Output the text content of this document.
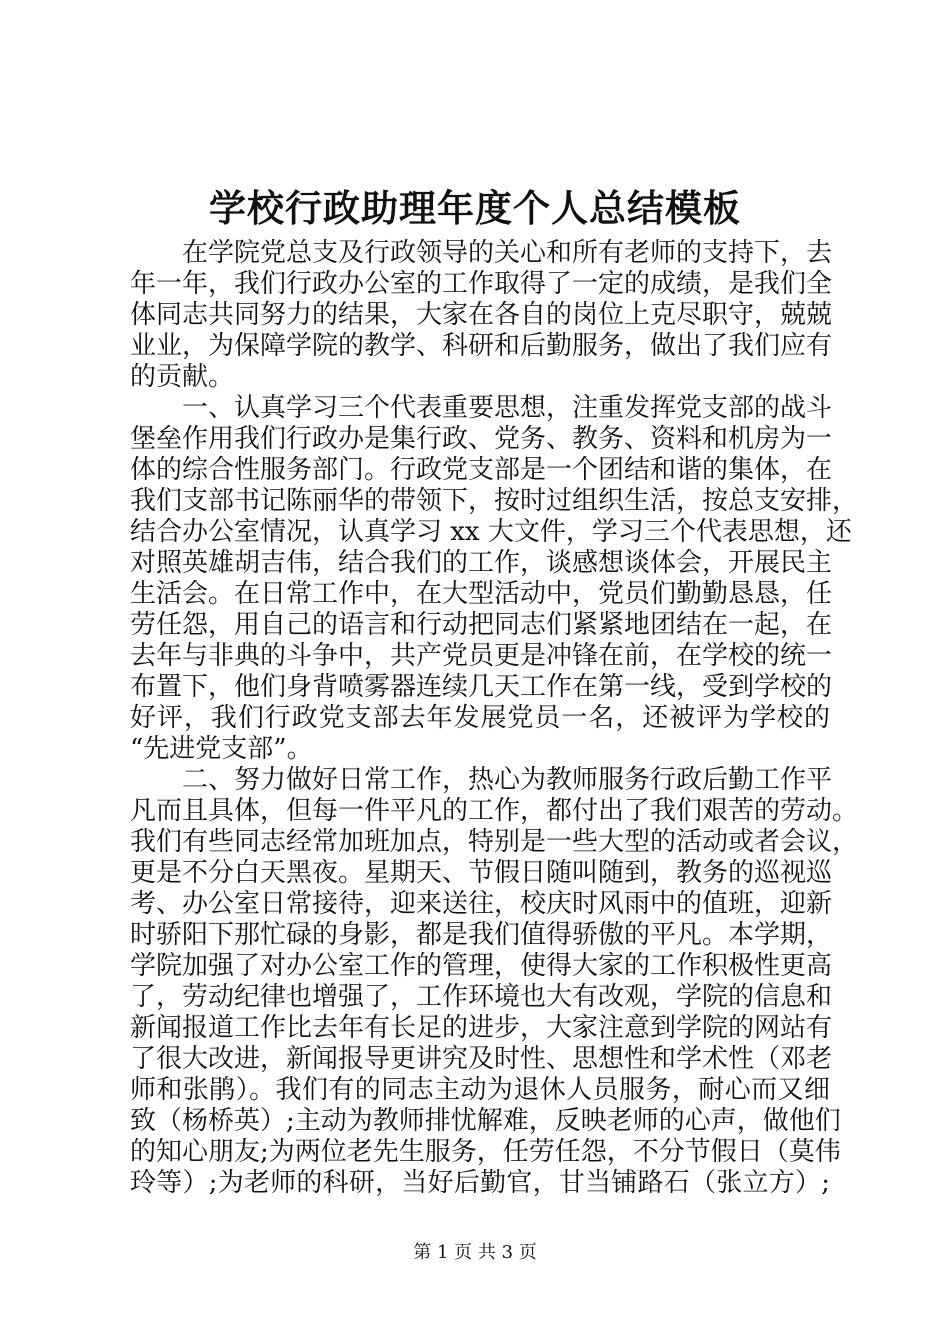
学校行政助理年度个人总结模板
在学院党总支及行政领导的关心和所有老师的支持下，去
年一年，我们行政办公室的工作取得了一定的成绩，是我们全
体同志共同努力的结果，大家在各自的岗位上克尽职守，兢兢
业业，为保障学院的教学、科研和后勤服务，做出了我们应有
的贡献。
一、认真学习三个代表重要思想，注重发挥党支部的战斗
堡垒作用我们行政办是集行政、党务、教务、资料和机房为一
体的综合性服务部门。行政党支部是一个团结和谐的集体，在
我们支部书记陈丽华的带领下，按时过组织生活，按总支安排，
结合办公室情况，认真学习 xx 大文件，学习三个代表思想，还
对照英雄胡吉伟，结合我们的工作，谈感想谈体会，开展民主
生活会。在日常工作中，在大型活动中，党员们勤勤恳恳，任
劳任怨，用自己的语言和行动把同志们紧紧地团结在一起，在
去年与非典的斗争中，共产党员更是冲锋在前，在学校的统一
布置下，他们身背喷雾器连续几天工作在第一线，受到学校的
好评，我们行政党支部去年发展党员一名，还被评为学校的
“先进党支部”。
二、努力做好日常工作，热心为教师服务行政后勤工作平
凡而且具体，但每一件平凡的工作，都付出了我们艰苦的劳动。
我们有些同志经常加班加点，特别是一些大型的活动或者会议，
更是不分白天黑夜。星期天、节假日随叫随到，教务的巡视巡
考、办公室日常接待，迎来送往，校庆时风雨中的值班，迎新
时骄阳下那忙碌的身影，都是我们值得骄傲的平凡。本学期，
学院加强了对办公室工作的管理，使得大家的工作积极性更高
了，劳动纪律也增强了，工作环境也大有改观，学院的信息和
新闻报道工作比去年有长足的进步，大家注意到学院的网站有
了很大改进，新闻报导更讲究及时性、思想性和学术性（邓老
师和张鹃）。我们有的同志主动为退休人员服务，耐心而又细
致（杨桥英）;主动为教师排忧解难，反映老师的心声，做他们
第 1 页 共 3 页
的知心朋友;为两位老先生服务，任劳任怨，不分节假日（莫伟
玲等）;为老师的科研，当好后勤官，甘当铺路石（张立方）;
